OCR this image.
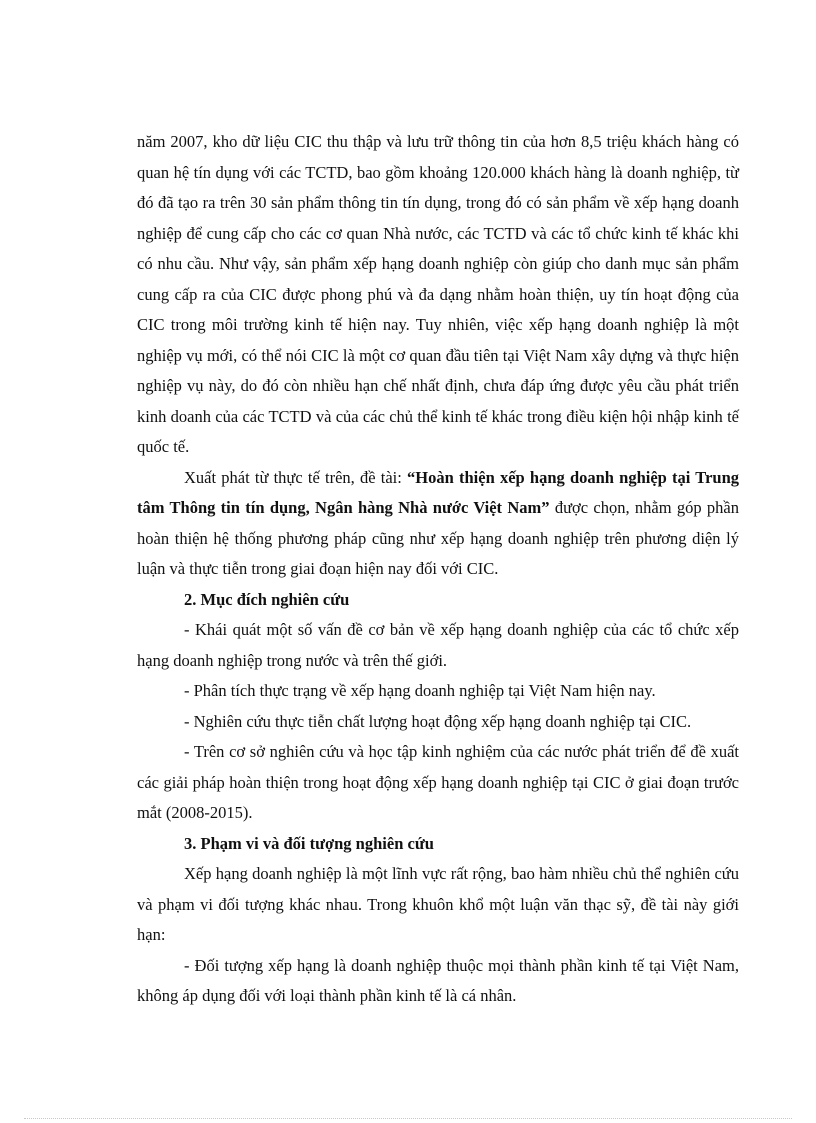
năm 2007, kho dữ liệu CIC thu thập và lưu trữ thông tin của hơn 8,5 triệu khách hàng có quan hệ tín dụng với các TCTD, bao gồm khoảng 120.000 khách hàng là doanh nghiệp, từ đó đã tạo ra trên 30 sản phẩm thông tin tín dụng, trong đó có sản phẩm về xếp hạng doanh nghiệp để cung cấp cho các cơ quan Nhà nước, các TCTD và các tổ chức kinh tế khác khi có nhu cầu. Như vậy, sản phẩm xếp hạng doanh nghiệp còn giúp cho danh mục sản phẩm cung cấp ra của CIC được phong phú và đa dạng nhằm hoàn thiện, uy tín hoạt động của CIC trong môi trường kinh tế hiện nay. Tuy nhiên, việc xếp hạng doanh nghiệp là một nghiệp vụ mới, có thể nói CIC là một cơ quan đầu tiên tại Việt Nam xây dựng và thực hiện nghiệp vụ này, do đó còn nhiều hạn chế nhất định, chưa đáp ứng được yêu cầu phát triển kinh doanh của các TCTD và của các chủ thể kinh tế khác trong điều kiện hội nhập kinh tế quốc tế.

Xuất phát từ thực tế trên, đề tài: “Hoàn thiện xếp hạng doanh nghiệp tại Trung tâm Thông tin tín dụng, Ngân hàng Nhà nước Việt Nam” được chọn, nhằm góp phần hoàn thiện hệ thống phương pháp cũng như xếp hạng doanh nghiệp trên phương diện lý luận và thực tiễn trong giai đoạn hiện nay đối với CIC.

2. Mục đích nghiên cứu

- Khái quát một số vấn đề cơ bản về xếp hạng doanh nghiệp của các tổ chức xếp hạng doanh nghiệp trong nước và trên thế giới.

- Phân tích thực trạng về xếp hạng doanh nghiệp tại Việt Nam hiện nay.

- Nghiên cứu thực tiễn chất lượng hoạt động xếp hạng doanh nghiệp tại CIC.

- Trên cơ sở nghiên cứu và học tập kinh nghiệm của các nước phát triển để đề xuất các giải pháp hoàn thiện trong hoạt động xếp hạng doanh nghiệp tại CIC ở giai đoạn trước mắt (2008-2015).

3. Phạm vi và đối tượng nghiên cứu

Xếp hạng doanh nghiệp là một lĩnh vực rất rộng, bao hàm nhiều chủ thể nghiên cứu và phạm vi đối tượng khác nhau. Trong khuôn khổ một luận văn thạc sỹ, đề tài này giới hạn:

- Đối tượng xếp hạng là doanh nghiệp thuộc mọi thành phần kinh tế tại Việt Nam, không áp dụng đối với loại thành phần kinh tế là cá nhân.
